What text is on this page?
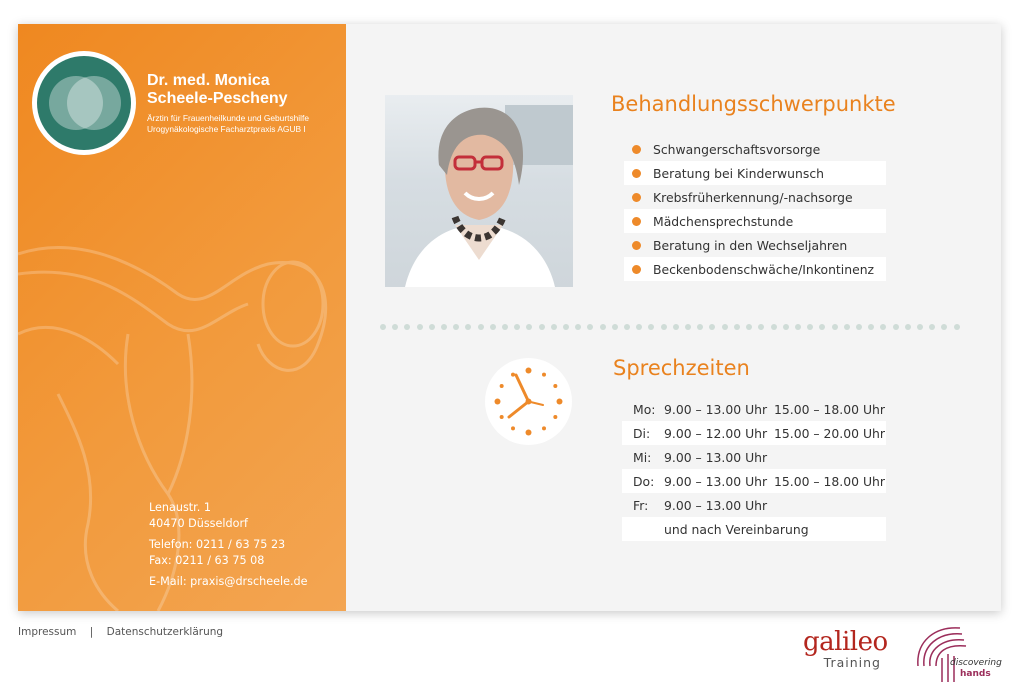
Dr. med. Monica
Scheele-Pescheny
Ärztin für Frauenheilkunde und Geburtshilfe
Urogynäkologische Facharztpraxis AGUB I
Lenaustr. 1
40470 Düsseldorf
Telefon: 0211 / 63 75 23
Fax: 0211 / 63 75 08
E-Mail: praxis@drscheele.de
Behandlungsschwerpunkte
Schwangerschaftsvorsorge
Beratung bei Kinderwunsch
Krebsfrüherkennung/-nachsorge
Mädchensprechstunde
Beratung in den Wechseljahren
Beckenbodenschwäche/Inkontinenz
Sprechzeiten
Mo: 9.00 – 13.00 Uhr 15.00 – 18.00 Uhr
Di:	9.00 – 12.00 Uhr 15.00 – 20.00 Uhr
Mi:	9.00 – 13.00 Uhr
Do: 9.00 – 13.00 Uhr 15.00 – 18.00 Uhr
Fr:	9.00 – 13.00 Uhr
und nach Vereinbarung
Impressum | Datenschutzerklärung	galileo
Training	discovering
hands
